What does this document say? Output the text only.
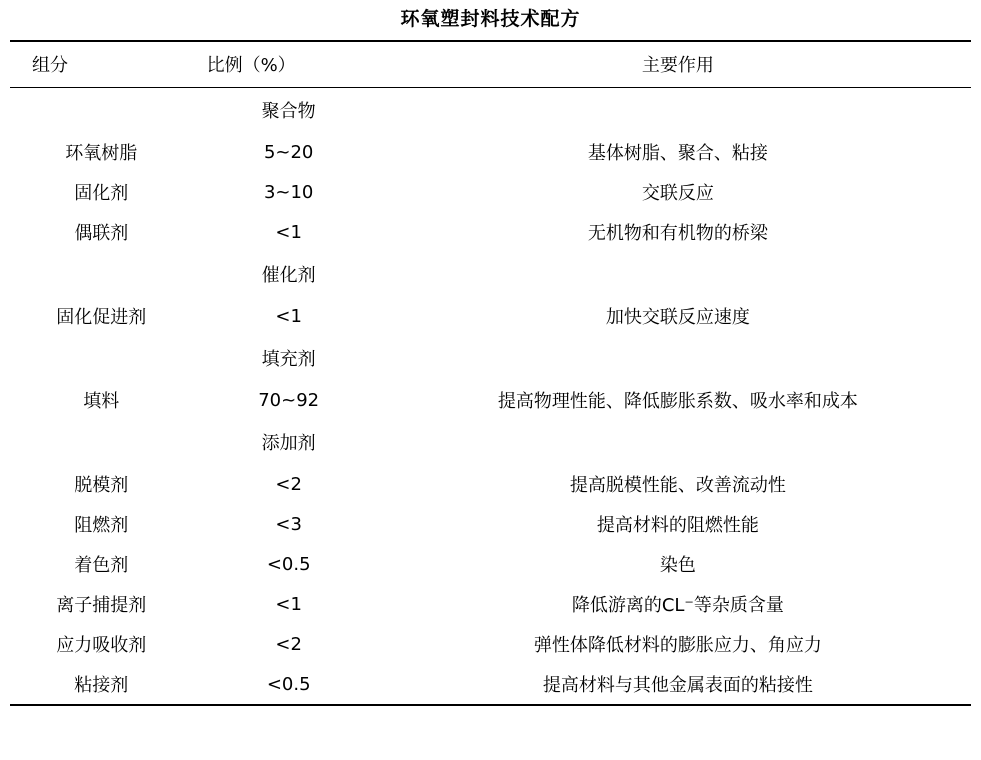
环氧塑封料技术配方
组分	比例（%）	主要作用
	聚合物	
环氧树脂	5~20	基体树脂、聚合、粘接
固化剂	3~10	交联反应
偶联剂	<1	无机物和有机物的桥梁
	催化剂	
固化促进剂	<1	加快交联反应速度
	填充剂	
填料	70~92	提高物理性能、降低膨胀系数、吸水率和成本
	添加剂	
脱模剂	<2	提高脱模性能、改善流动性
阻燃剂	<3	提高材料的阻燃性能
着色剂	<0.5	染色
离子捕提剂	<1	降低游离的CL⁻等杂质含量
应力吸收剂	<2	弹性体降低材料的膨胀应力、角应力
粘接剂	<0.5	提高材料与其他金属表面的粘接性
